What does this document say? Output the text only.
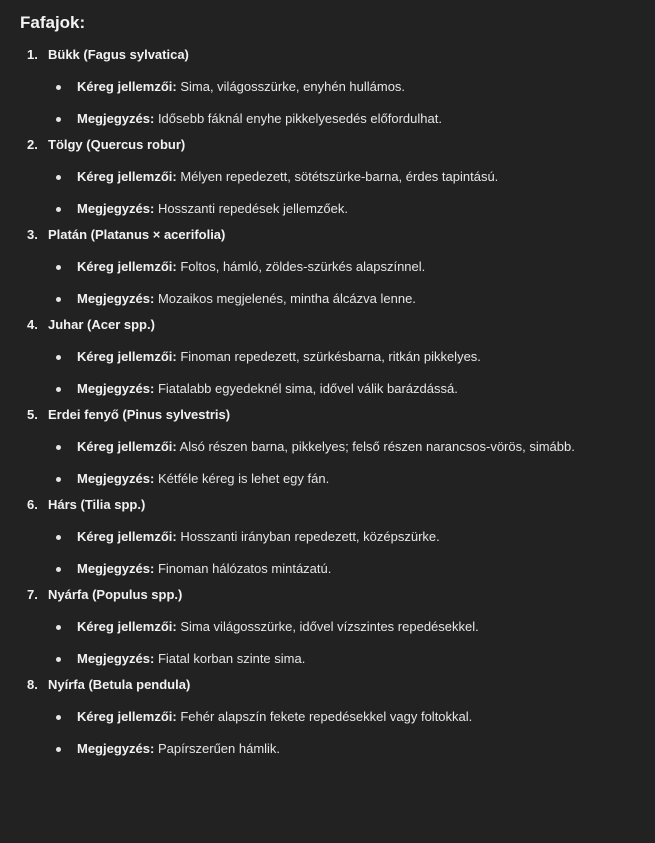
Fafajok:
1. Bükk (Fagus sylvatica)
Kéreg jellemzői: Sima, világosszürke, enyhén hullámos.
Megjegyzés: Idősebb fáknál enyhe pikkelyesedés előfordulhat.
2. Tölgy (Quercus robur)
Kéreg jellemzői: Mélyen repedezett, sötétszürke-barna, érdes tapintású.
Megjegyzés: Hosszanti repedések jellemzőek.
3. Platán (Platanus × acerifolia)
Kéreg jellemzői: Foltos, hámló, zöldes-szürkés alapszínnel.
Megjegyzés: Mozaikos megjelenés, mintha álcázva lenne.
4. Juhar (Acer spp.)
Kéreg jellemzői: Finoman repedezett, szürkésbarna, ritkán pikkelyes.
Megjegyzés: Fiatalabb egyedeknél sima, idővel válik barázdássá.
5. Erdei fenyő (Pinus sylvestris)
Kéreg jellemzői: Alsó részen barna, pikkelyes; felső részen narancsos-vörös, simább.
Megjegyzés: Kétféle kéreg is lehet egy fán.
6. Hárs (Tilia spp.)
Kéreg jellemzői: Hosszanti irányban repedezett, középszürke.
Megjegyzés: Finoman hálózatos mintázatú.
7. Nyárfa (Populus spp.)
Kéreg jellemzői: Sima világosszürke, idővel vízszintes repedésekkel.
Megjegyzés: Fiatal korban szinte sima.
8. Nyírfa (Betula pendula)
Kéreg jellemzői: Fehér alapszín fekete repedésekkel vagy foltokkal.
Megjegyzés: Papírszerűen hámlik.
